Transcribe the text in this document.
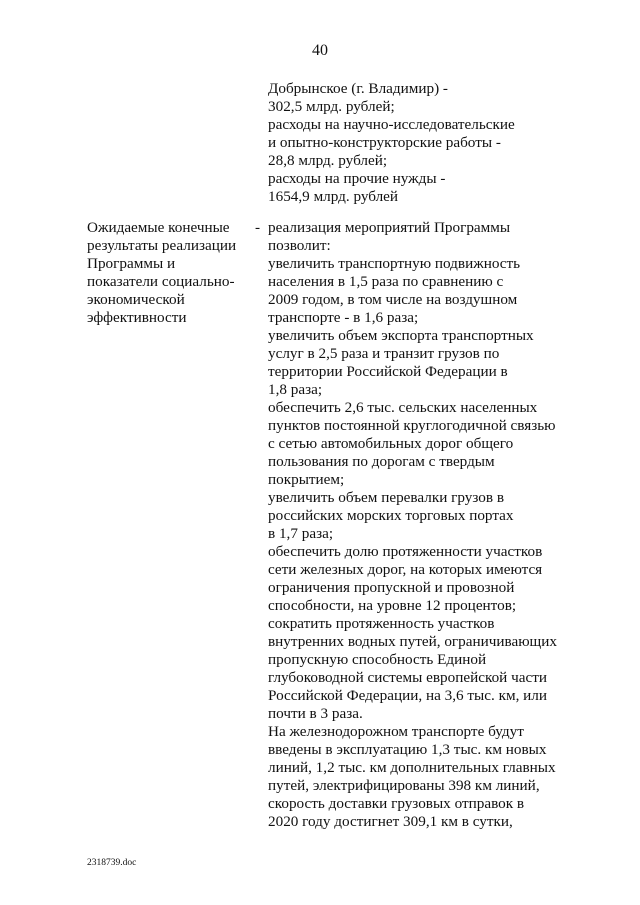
40
Добрынское (г. Владимир) -
302,5 млрд. рублей;
расходы на научно-исследовательские
и опытно-конструкторские работы -
28,8 млрд. рублей;
расходы на прочие нужды -
1654,9 млрд. рублей
Ожидаемые конечные
результаты реализации
Программы и
показатели социально-
экономической
эффективности
- реализация мероприятий Программы
позволит:
увеличить транспортную подвижность
населения в 1,5 раза по сравнению с
2009 годом, в том числе на воздушном
транспорте - в 1,6 раза;
увеличить объем экспорта транспортных
услуг в 2,5 раза и транзит грузов по
территории Российской Федерации в
1,8 раза;
обеспечить 2,6 тыс. сельских населенных
пунктов постоянной круглогодичной связью
с сетью автомобильных дорог общего
пользования по дорогам с твердым
покрытием;
увеличить объем перевалки грузов в
российских морских торговых портах
в 1,7 раза;
обеспечить долю протяженности участков
сети железных дорог, на которых имеются
ограничения пропускной и провозной
способности, на уровне 12 процентов;
сократить протяженность участков
внутренних водных путей, ограничивающих
пропускную способность Единой
глубоководной системы европейской части
Российской Федерации, на 3,6 тыс. км, или
почти в 3 раза.
На железнодорожном транспорте будут
введены в эксплуатацию 1,3 тыс. км новых
линий, 1,2 тыс. км дополнительных главных
путей, электрифицированы 398 км линий,
скорость доставки грузовых отправок в
2020 году достигнет 309,1 км в сутки,
2318739.doc
